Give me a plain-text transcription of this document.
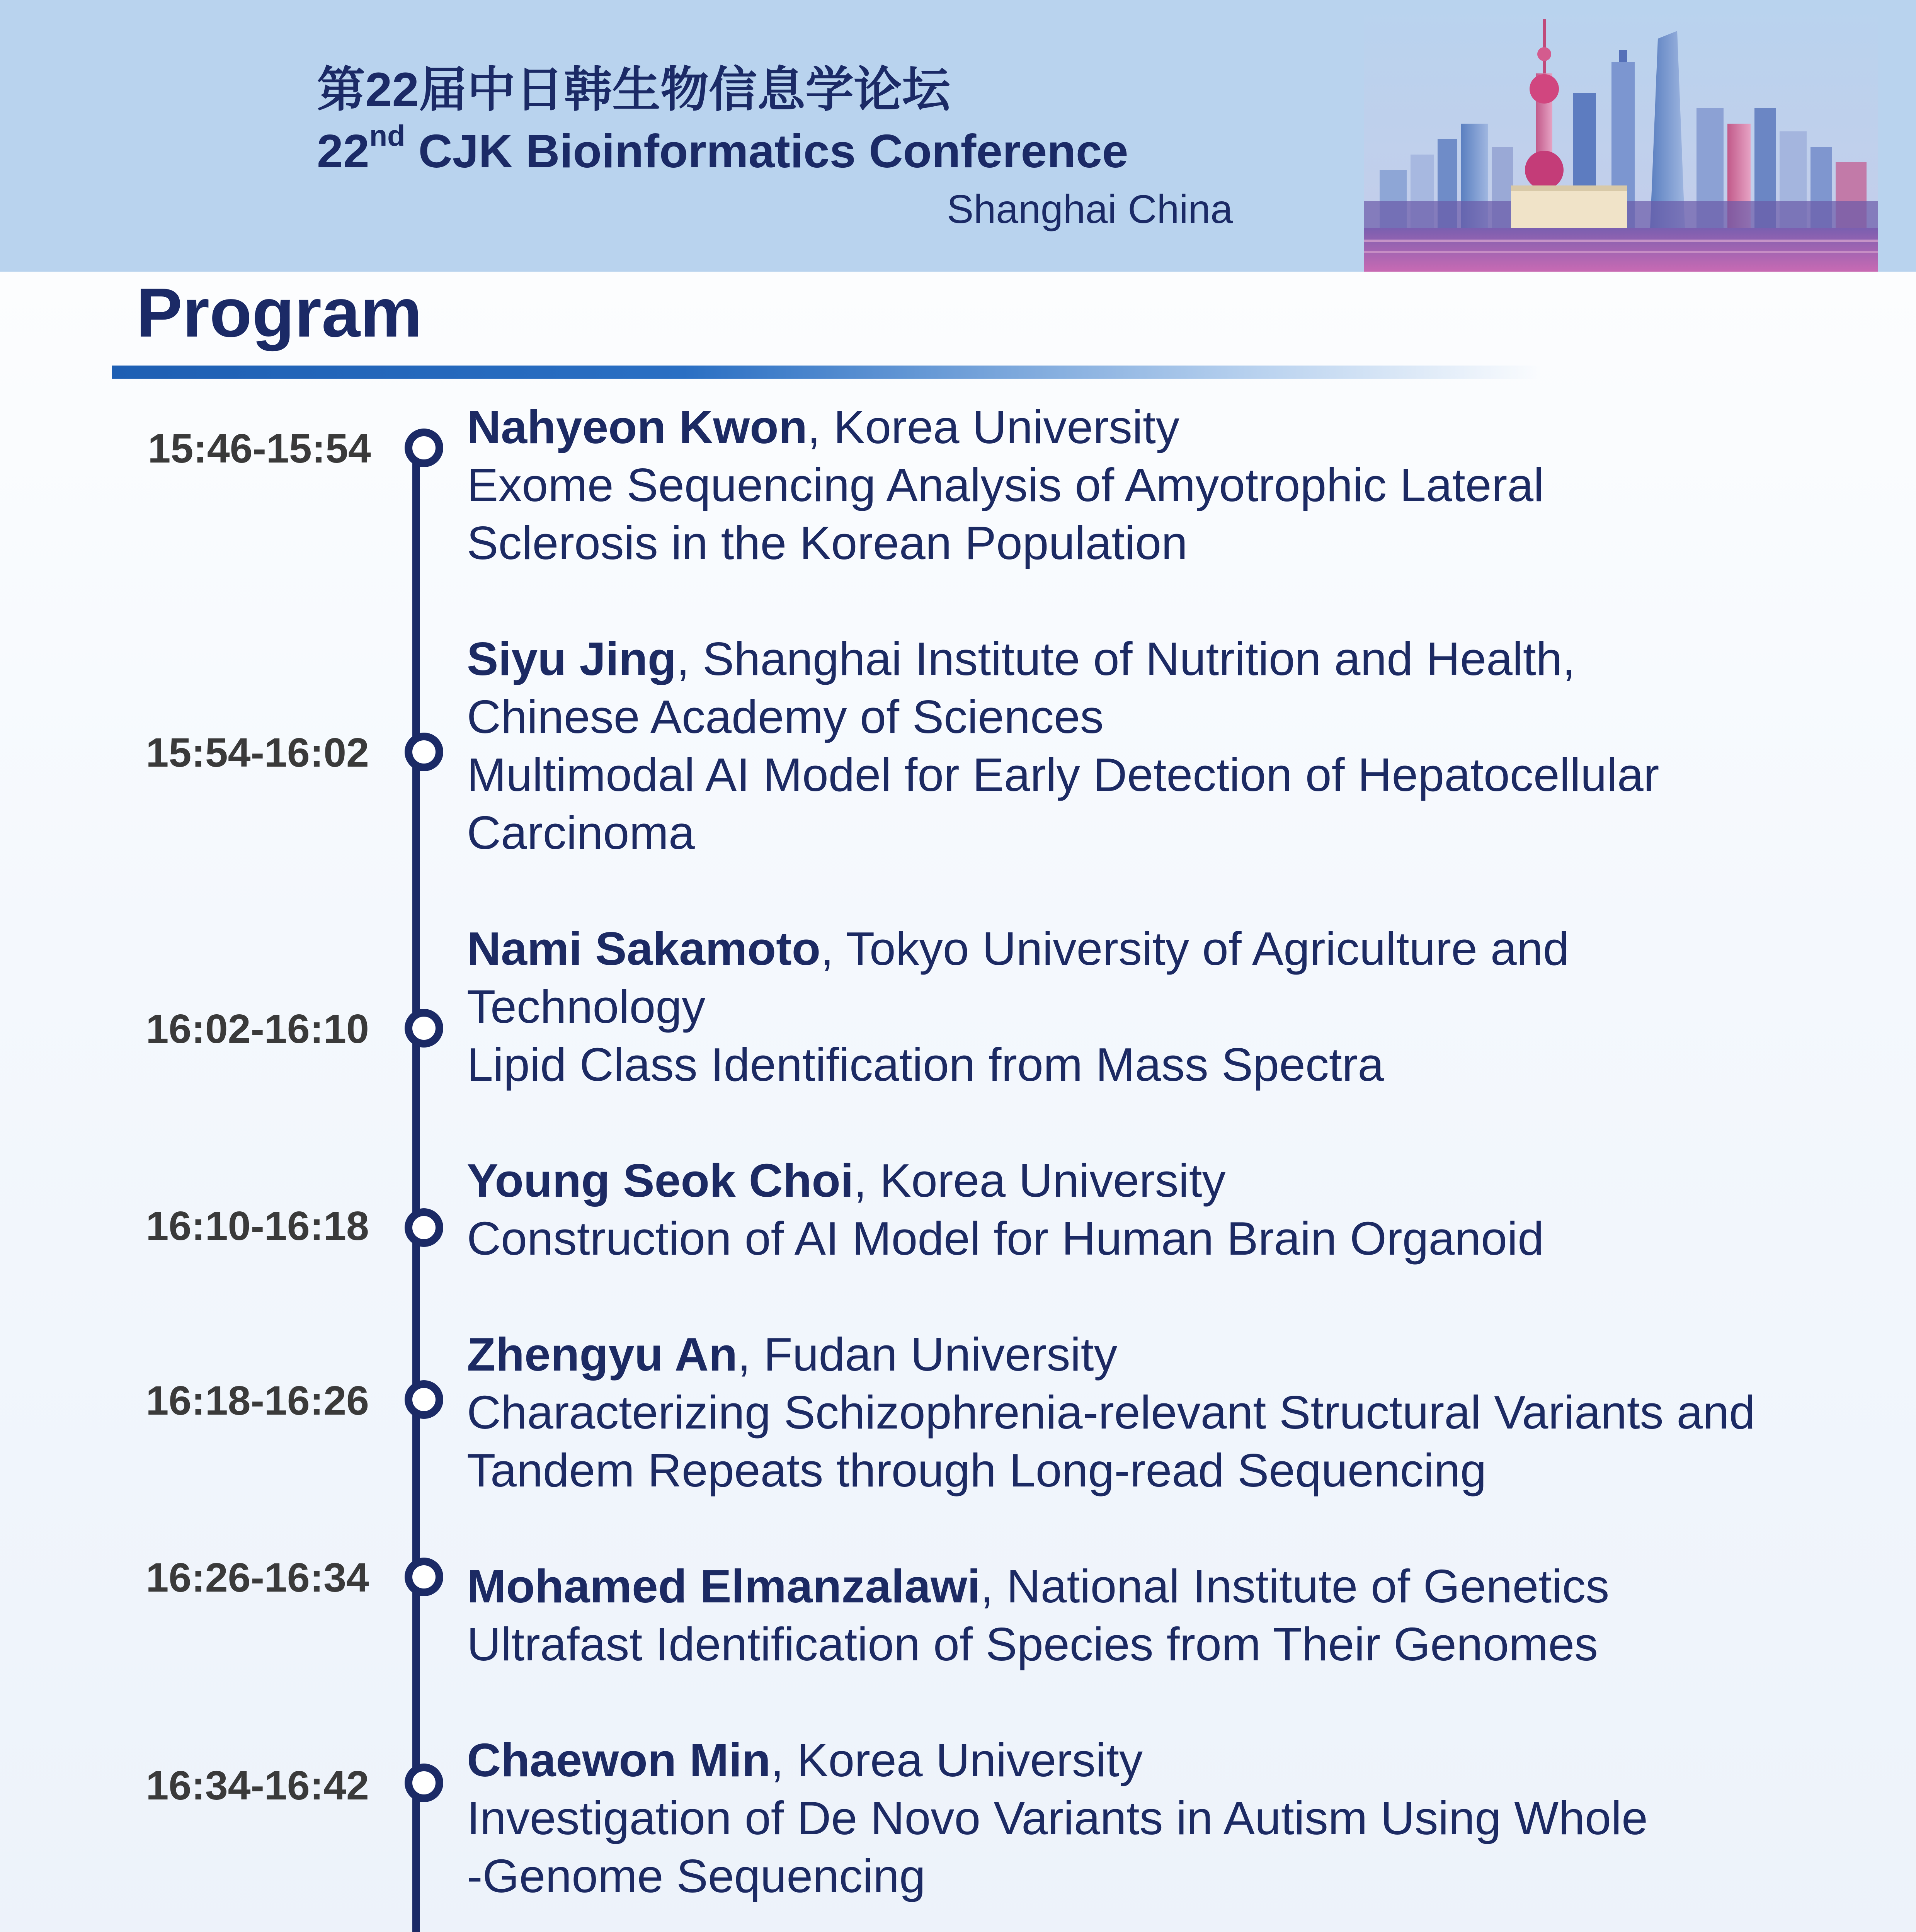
第22届中日韩生物信息学论坛
22nd CJK Bioinformatics Conference
Shanghai China
Program
15:46-15:54 Nahyeon Kwon, Korea University
Exome Sequencing Analysis of Amyotrophic Lateral
Sclerosis in the Korean Population
15:54-16:02
Siyu Jing, Shanghai Institute of Nutrition and Health,
Chinese Academy of Sciences
Multimodal AI Model for Early Detection of Hepatocellular
Carcinoma
16:02-16:10
Nami Sakamoto, Tokyo University of Agriculture and
Technology
Lipid Class Identification from Mass Spectra
16:10-16:18
Young Seok Choi, Korea University
Construction of AI Model for Human Brain Organoid
16:18-16:26
Zhengyu An, Fudan University
Characterizing Schizophrenia-relevant Structural Variants and
Tandem Repeats through Long-read Sequencing
16:26-16:34 Mohamed Elmanzalawi, National Institute of Genetics
Ultrafast Identification of Species from Their Genomes
16:34-16:42 Chaewon Min, Korea University
Investigation of De Novo Variants in Autism Using Whole
-Genome Sequencing
